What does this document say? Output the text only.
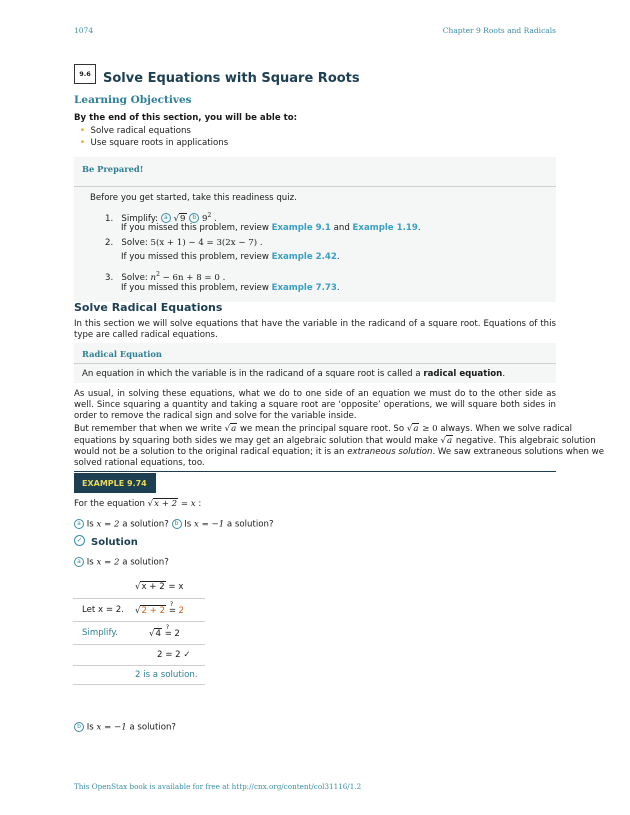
1074	Chapter 9 Roots and Radicals
9.6 Solve Equations with Square Roots
Learning Objectives
By the end of this section, you will be able to:
• Solve radical equations
• Use square roots in applications
Be Prepared!
Before you get started, take this readiness quiz.
1. Simplify: a √9 b $9^2$ .
If you missed this problem, review Example 9.1 and Example 1.19.
2. Solve: 5(x + 1) − 4 = 3(2x − 7) .
If you missed this problem, review Example 2.42.
3. Solve: $n^2 - 6n + 8 = 0$ .
If you missed this problem, review Example 7.73.
Solve Radical Equations
In this section we will solve equations that have the variable in the radicand of a square root. Equations of this type are called radical equations.
Radical Equation
An equation in which the variable is in the radicand of a square root is called a radical equation.
As usual, in solving these equations, what we do to one side of an equation we must do to the other side as well. Since squaring a quantity and taking a square root are ‘opposite’ operations, we will square both sides in order to remove the radical sign and solve for the variable inside.
But remember that when we write √a we mean the principal square root. So √a ≥ 0 always. When we solve radical
equations by squaring both sides we may get an algebraic solution that would make √a negative. This algebraic solution
would not be a solution to the original radical equation; it is an extraneous solution. We saw extraneous solutions when we
solved rational equations, too.
EXAMPLE 9.74
For the equation √x + 2 = x :
a Is x = 2 a solution? b Is x = −1 a solution?
✓ Solution
a Is x = 2 a solution?
√x + 2 = x
Let x = 2. √2 + 2 =
?
2
Simplify.	√4 =
?
2
2 = 2 ✓
2 is a solution.
b Is x = −1 a solution?
This OpenStax book is available for free at http://cnx.org/content/col31116/1.2
